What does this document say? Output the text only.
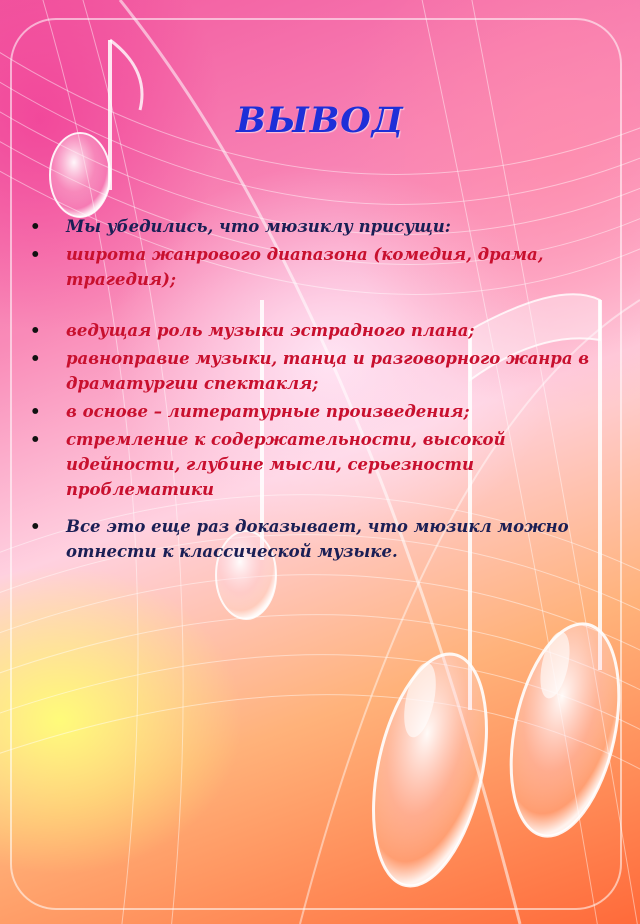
ВЫВОД
• Мы убедились, что мюзиклу присущи:
• широта жанрового диапазона (комедия, драма, трагедия);
• ведущая роль музыки эстрадного плана;
• равноправие музыки, танца и разговорного жанра в драматургии спектакля;
• в основе – литературные произведения;
• стремление к содержательности, высокой идейности, глубине мысли, серьезности проблематики
• Все это еще раз доказывает, что мюзикл можно отнести к классической музыке.
